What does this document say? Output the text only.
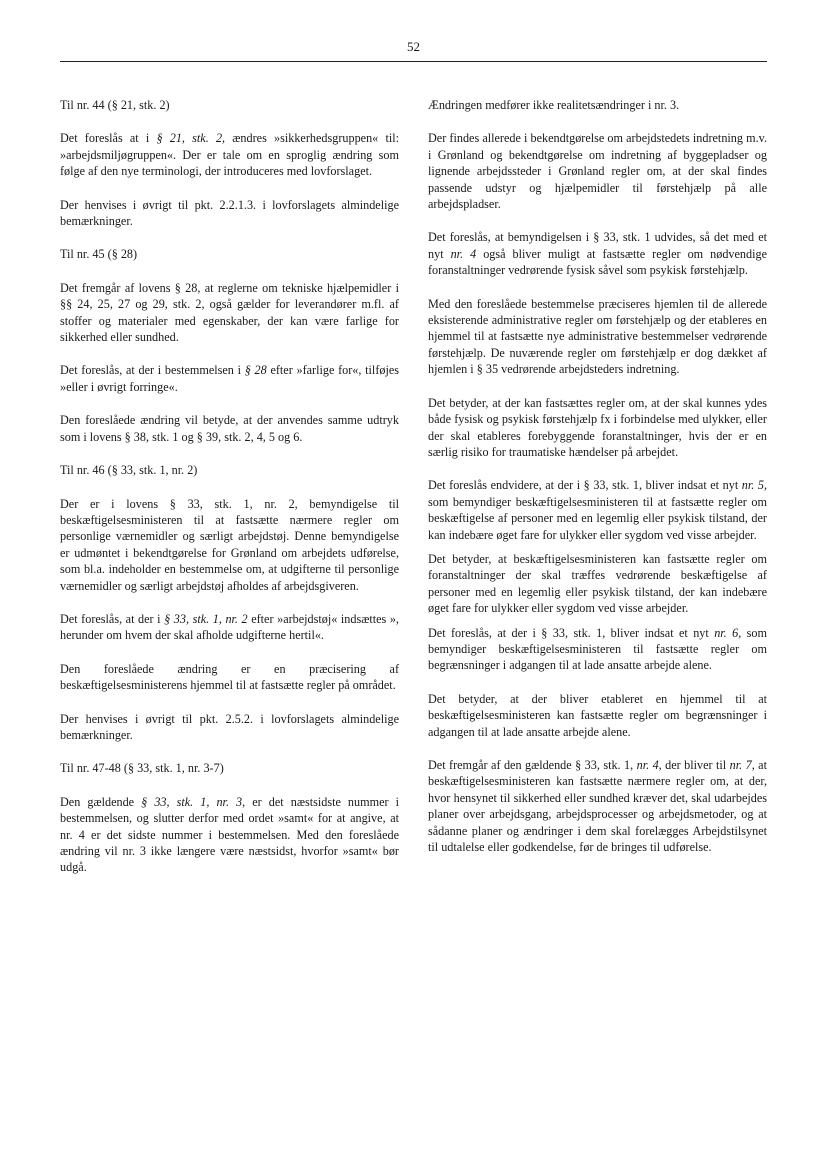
52

Til nr. 44 (§ 21, stk. 2)

Det foreslås at i § 21, stk. 2, ændres »sikkerhedsgruppen« til: »arbejdsmiljøgruppen«. Der er tale om en sproglig ændring som følge af den nye terminologi, der introduceres med lovforslaget.

Der henvises i øvrigt til pkt. 2.2.1.3. i lovforslagets almindelige bemærkninger.

Til nr. 45 (§ 28)

Det fremgår af lovens § 28, at reglerne om tekniske hjælpemidler i §§ 24, 25, 27 og 29, stk. 2, også gælder for leverandører m.fl. af stoffer og materialer med egenskaber, der kan være farlige for sikkerhed eller sundhed.

Det foreslås, at der i bestemmelsen i § 28 efter »farlige for«, tilføjes »eller i øvrigt forringe«.

Den foreslåede ændring vil betyde, at der anvendes samme udtryk som i lovens § 38, stk. 1 og § 39, stk. 2, 4, 5 og 6.

Til nr. 46 (§ 33, stk. 1, nr. 2)

Der er i lovens § 33, stk. 1, nr. 2, bemyndigelse til beskæftigelsesministeren til at fastsætte nærmere regler om personlige værnemidler og særligt arbejdstøj. Denne bemyndigelse er udmøntet i bekendtgørelse for Grønland om arbejdets udførelse, som bl.a. indeholder en bestemmelse om, at udgifterne til personlige værnemidler og særligt arbejdstøj afholdes af arbejdsgiveren.

Det foreslås, at der i § 33, stk. 1, nr. 2 efter »arbejdstøj« indsættes », herunder om hvem der skal afholde udgifterne hertil«.

Den foreslåede ændring er en præcisering af beskæftigelsesministerens hjemmel til at fastsætte regler på området.

Der henvises i øvrigt til pkt. 2.5.2. i lovforslagets almindelige bemærkninger.

Til nr. 47-48 (§ 33, stk. 1, nr. 3-7)

Den gældende § 33, stk. 1, nr. 3, er det næstsidste nummer i bestemmelsen, og slutter derfor med ordet »samt« for at angive, at nr. 4 er det sidste nummer i bestemmelsen. Med den foreslåede ændring vil nr. 3 ikke længere være næstsidst, hvorfor »samt« bør udgå.

Ændringen medfører ikke realitetsændringer i nr. 3.

Der findes allerede i bekendtgørelse om arbejdstedets indretning m.v. i Grønland og bekendtgørelse om indretning af byggepladser og lignende arbejdssteder i Grønland regler om, at der skal findes passende udstyr og hjælpemidler til førstehjælp på alle arbejdspladser.

Det foreslås, at bemyndigelsen i § 33, stk. 1 udvides, så det med et nyt nr. 4 også bliver muligt at fastsætte regler om nødvendige foranstaltninger vedrørende fysisk såvel som psykisk førstehjælp.

Med den foreslåede bestemmelse præciseres hjemlen til de allerede eksisterende administrative regler om førstehjælp og der etableres en hjemmel til at fastsætte nye administrative bestemmelser vedrørende førstehjælp. De nuværende regler om førstehjælp er dog dækket af hjemlen i § 35 vedrørende arbejdsteders indretning.

Det betyder, at der kan fastsættes regler om, at der skal kunnes ydes både fysisk og psykisk førstehjælp fx i forbindelse med ulykker, eller der skal etableres forebyggende foranstaltninger, hvis der er en særlig risiko for traumatiske hændelser på arbejdet.

Det foreslås endvidere, at der i § 33, stk. 1, bliver indsat et nyt nr. 5, som bemyndiger beskæftigelsesministeren til at fastsætte regler om beskæftigelse af personer med en legemlig eller psykisk tilstand, der kan indebære øget fare for ulykker eller sygdom ved visse arbejder.

Det betyder, at beskæftigelsesministeren kan fastsætte regler om foranstaltninger der skal træffes vedrørende beskæftigelse af personer med en legemlig eller psykisk tilstand, der kan indebære øget fare for ulykker eller sygdom ved visse arbejder.

Det foreslås, at der i § 33, stk. 1, bliver indsat et nyt nr. 6, som bemyndiger beskæftigelsesministeren til fastsætte regler om begrænsninger i adgangen til at lade ansatte arbejde alene.

Det betyder, at der bliver etableret en hjemmel til at beskæftigelsesministeren kan fastsætte regler om begrænsninger i adgangen til at lade ansatte arbejde alene.

Det fremgår af den gældende § 33, stk. 1, nr. 4, der bliver til nr. 7, at beskæftigelsesministeren kan fastsætte nærmere regler om, at der, hvor hensynet til sikkerhed eller sundhed kræver det, skal udarbejdes planer over arbejdsgang, arbejdsprocesser og arbejdsmetoder, og at sådanne planer og ændringer i dem skal forelægges Arbejdstilsynet til udtalelse eller godkendelse, før de bringes til udførelse.
